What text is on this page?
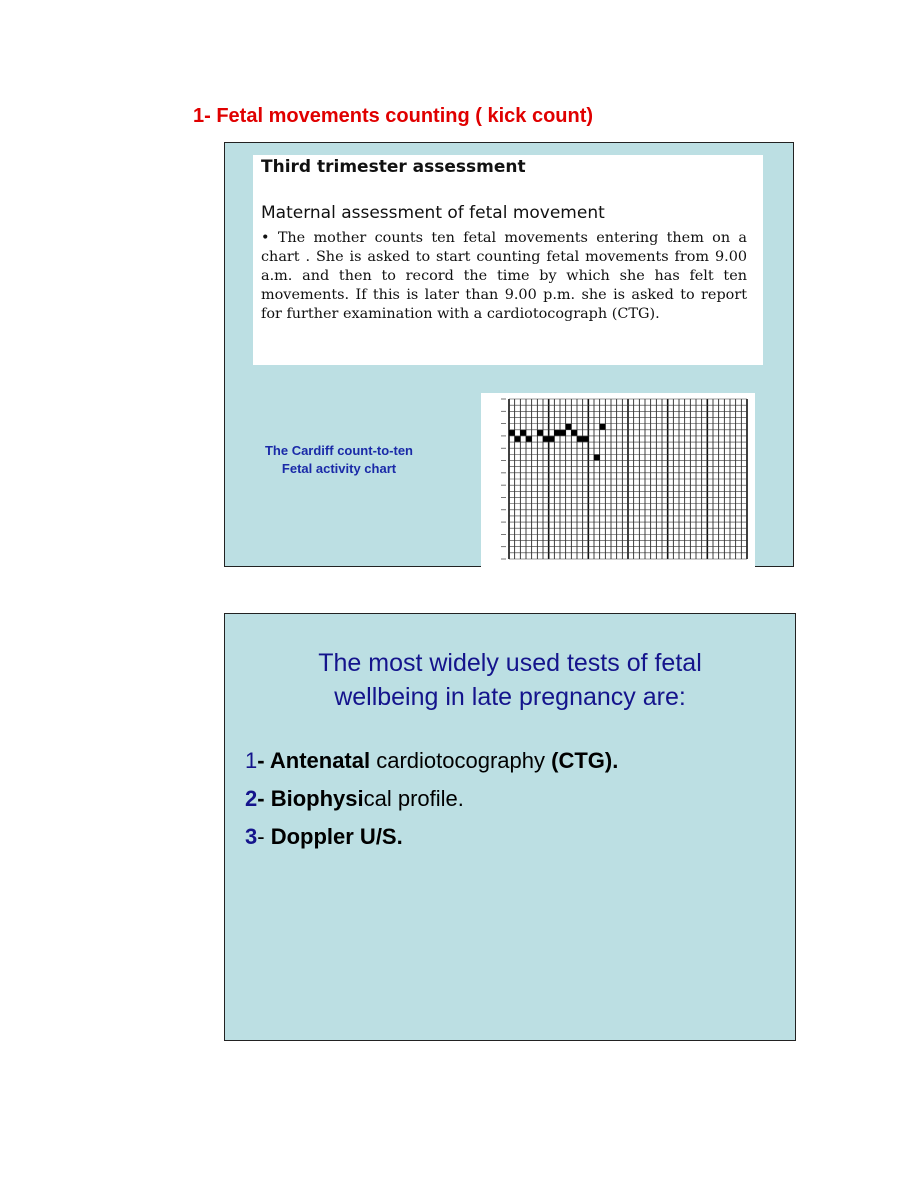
1- Fetal movements counting ( kick count)
Third trimester assessment
Maternal assessment of fetal movement
• The mother counts ten fetal movements entering them on a chart . She is asked to start counting fetal movements from 9.00 a.m. and then to record the time by which she has felt ten movements. If this is later than 9.00 p.m. she is asked to report for further examination with a cardiotocograph (CTG).
The Cardiff count-to-ten
Fetal activity chart
The most widely used tests of fetal
wellbeing in late pregnancy are:
1- Antenatal cardiotocography (CTG).
2- Biophysical profile.
3- Doppler U/S.
